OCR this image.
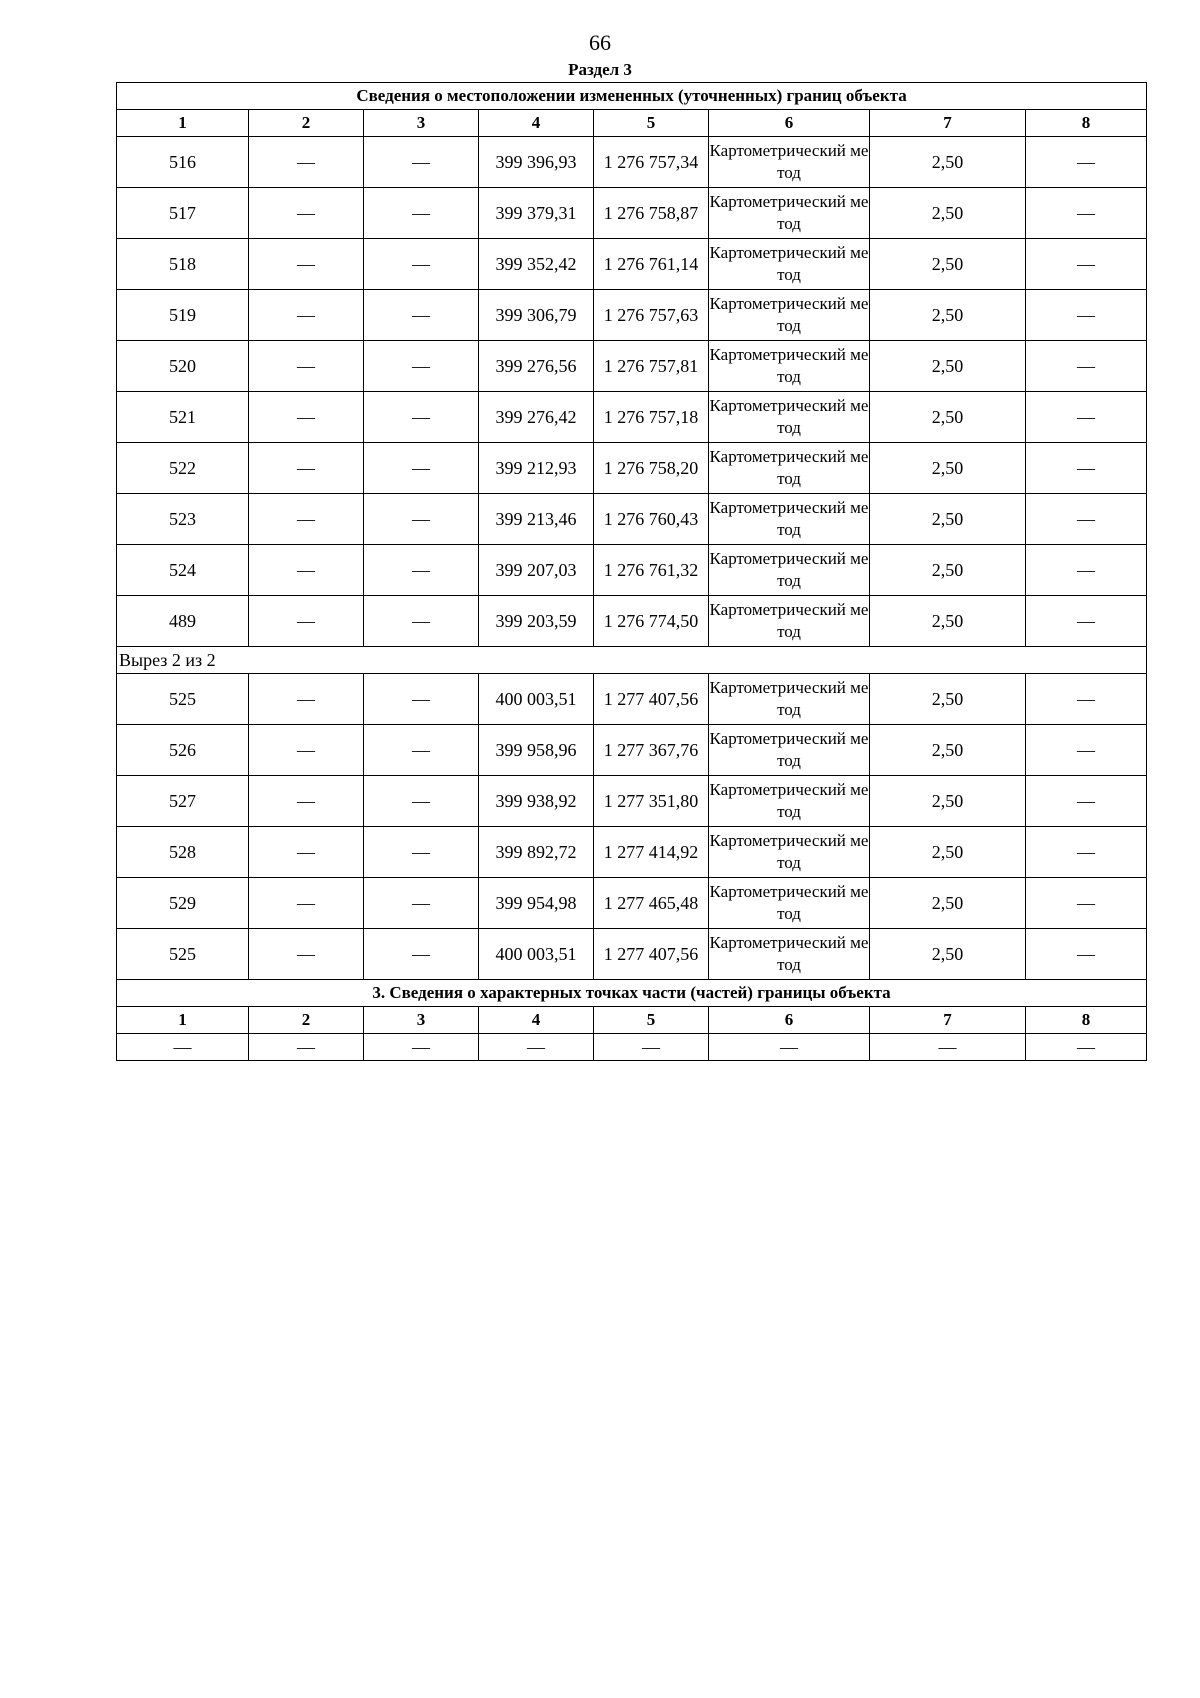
66
Раздел 3
Сведения о местоположении измененных (уточненных) границ объекта							
1	2	3	4	5	6	7	8
516	—	—	399 396,93	1 276 757,34	Картометрический метод	2,50	—
517	—	—	399 379,31	1 276 758,87	Картометрический метод	2,50	—
518	—	—	399 352,42	1 276 761,14	Картометрический метод	2,50	—
519	—	—	399 306,79	1 276 757,63	Картометрический метод	2,50	—
520	—	—	399 276,56	1 276 757,81	Картометрический метод	2,50	—
521	—	—	399 276,42	1 276 757,18	Картометрический метод	2,50	—
522	—	—	399 212,93	1 276 758,20	Картометрический метод	2,50	—
523	—	—	399 213,46	1 276 760,43	Картометрический метод	2,50	—
524	—	—	399 207,03	1 276 761,32	Картометрический метод	2,50	—
489	—	—	399 203,59	1 276 774,50	Картометрический метод	2,50	—
Вырез 2 из 2							
525	—	—	400 003,51	1 277 407,56	Картометрический метод	2,50	—
526	—	—	399 958,96	1 277 367,76	Картометрический метод	2,50	—
527	—	—	399 938,92	1 277 351,80	Картометрический метод	2,50	—
528	—	—	399 892,72	1 277 414,92	Картометрический метод	2,50	—
529	—	—	399 954,98	1 277 465,48	Картометрический метод	2,50	—
525	—	—	400 003,51	1 277 407,56	Картометрический метод	2,50	—
3. Сведения о характерных точках части (частей) границы объекта							
1	2	3	4	5	6	7	8
—	—	—	—	—	—	—	—
